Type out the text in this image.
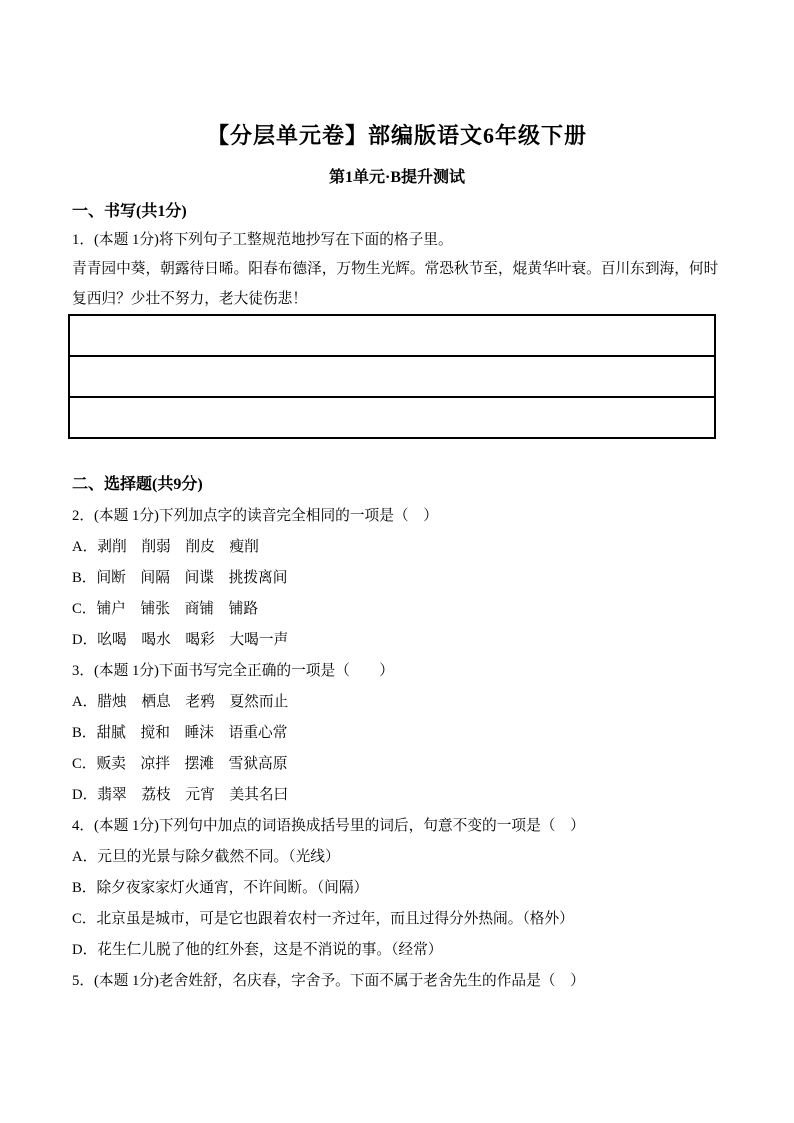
【分层单元卷】部编版语文6年级下册
第1单元·B提升测试
一、书写(共1分)
1．(本题 1分)将下列句子工整规范地抄写在下面的格子里。
青青园中葵，朝露待日晞。阳春布德泽，万物生光辉。常恐秋节至，焜黄华叶衰。百川东到海，何时复西归？少壮不努力，老大徒伤悲！
二、选择题(共9分)
2．(本题 1分)下列加点字的读音完全相同的一项是（　）
A．剥削　削弱　削皮　瘦削
B．间断　间隔　间谍　挑拨离间
C．铺户　铺张　商铺　铺路
D．吆喝　喝水　喝彩　大喝一声
3．(本题 1分)下面书写完全正确的一项是（　　）
A．腊烛　栖息　老鸦　夏然而止
B．甜腻　搅和　睡沫　语重心常
C．贩卖　凉拌　摆滩　雪狱高原
D．翡翠　荔枝　元宵　美其名曰
4．(本题 1分)下列句中加点的词语换成括号里的词后，句意不变的一项是（　）
A．元旦的光景与除夕截然不同。（光线）
B．除夕夜家家灯火通宵，不许间断。（间隔）
C．北京虽是城市，可是它也跟着农村一齐过年，而且过得分外热闹。（格外）
D．花生仁儿脱了他的红外套，这是不消说的事。（经常）
5．(本题 1分)老舍姓舒，名庆春，字舍予。下面不属于老舍先生的作品是（　）
